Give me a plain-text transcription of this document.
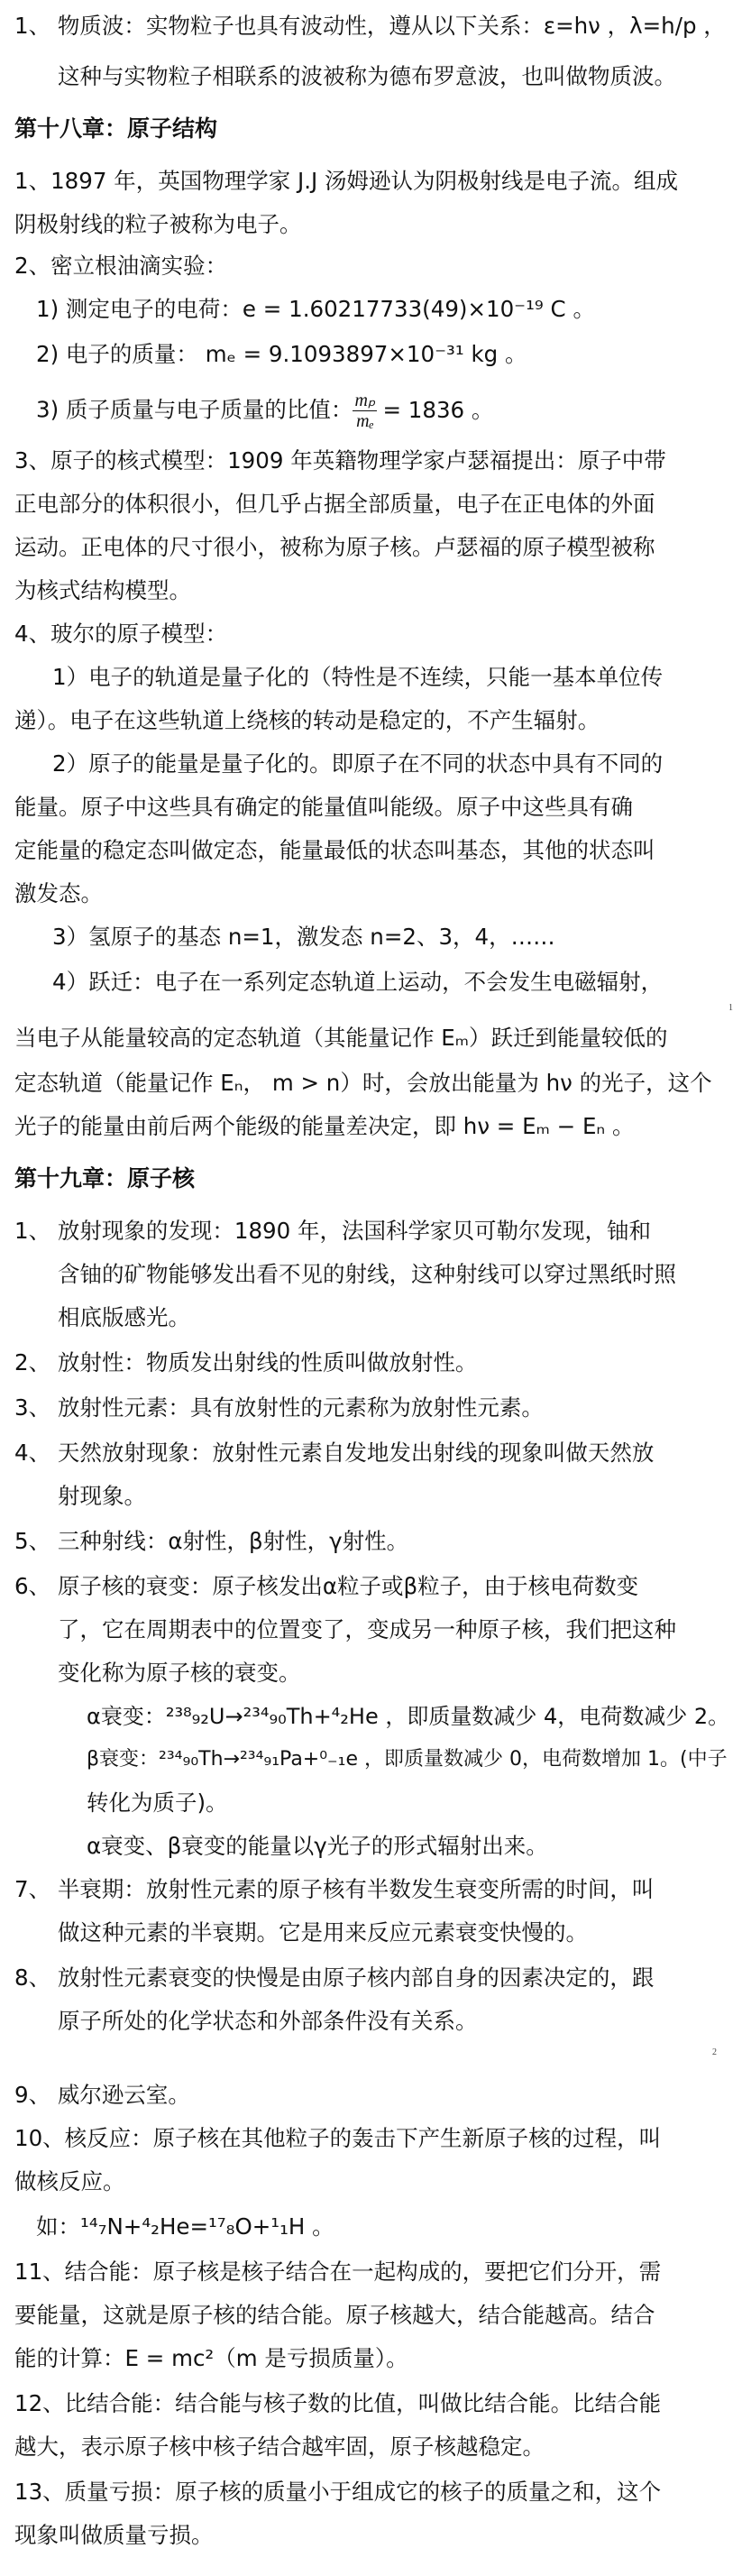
1、 物质波：实物粒子也具有波动性，遵从以下关系：ε=hν ，λ=h/p ，
这种与实物粒子相联系的波被称为德布罗意波，也叫做物质波。
第十八章：原子结构
1、1897 年，英国物理学家 J.J 汤姆逊认为阴极射线是电子流。组成
阴极射线的粒子被称为电子。
2、密立根油滴实验：
1) 测定电子的电荷：e = 1.60217733(49)×10⁻¹⁹ C 。
2) 电子的质量： mₑ = 9.1093897×10⁻³¹ kg 。
3) 质子质量与电子质量的比值： $\frac{\text{mₚ}}{\text{mₑ}} = 1836$ 。
3、原子的核式模型：1909 年英籍物理学家卢瑟福提出：原子中带
正电部分的体积很小，但几乎占据全部质量，电子在正电体的外面
运动。正电体的尺寸很小，被称为原子核。卢瑟福的原子模型被称
为核式结构模型。
4、玻尔的原子模型：
1）电子的轨道是量子化的（特性是不连续，只能一基本单位传
递）。电子在这些轨道上绕核的转动是稳定的，不产生辐射。
2）原子的能量是量子化的。即原子在不同的状态中具有不同的
能量。原子中这些具有确定的能量值叫能级。原子中这些具有确
定能量的稳定态叫做定态，能量最低的状态叫基态，其他的状态叫
激发态。
3）氢原子的基态 n=1，激发态 n=2、3，4，……
4）跃迁：电子在一系列定态轨道上运动，不会发生电磁辐射，
当电子从能量较高的定态轨道（其能量记作 Eₘ）跃迁到能量较低的
定态轨道（能量记作 Eₙ， m > n）时，会放出能量为 hν 的光子，这个
光子的能量由前后两个能级的能量差决定，即 hν = Eₘ − Eₙ 。
第十九章：原子核
1、 放射现象的发现：1890 年，法国科学家贝可勒尔发现，铀和
含铀的矿物能够发出看不见的射线，这种射线可以穿过黑纸时照
相底版感光。
2、 放射性：物质发出射线的性质叫做放射性。
3、 放射性元素：具有放射性的元素称为放射性元素。
4、 天然放射现象：放射性元素自发地发出射线的现象叫做天然放
射现象。
5、 三种射线：α射性，β射性，γ射性。
6、 原子核的衰变：原子核发出α粒子或β粒子，由于核电荷数变
了，它在周期表中的位置变了，变成另一种原子核，我们把这种
变化称为原子核的衰变。
α衰变：²³⁸₉₂U→²³⁴₉₀Th+⁴₂He ，即质量数减少 4，电荷数减少 2。
β衰变：²³⁴₉₀Th→²³⁴₉₁Pa+⁰₋₁e ，即质量数减少 0，电荷数增加 1。(中子
转化为质子)。
α衰变、β衰变的能量以γ光子的形式辐射出来。
7、 半衰期：放射性元素的原子核有半数发生衰变所需的时间，叫
做这种元素的半衰期。它是用来反应元素衰变快慢的。
8、 放射性元素衰变的快慢是由原子核内部自身的因素决定的，跟
原子所处的化学状态和外部条件没有关系。
9、 威尔逊云室。
10、核反应：原子核在其他粒子的轰击下产生新原子核的过程，叫
做核反应。
如：¹⁴₇N+⁴₂He=¹⁷₈O+¹₁H 。
11、结合能：原子核是核子结合在一起构成的，要把它们分开，需
要能量，这就是原子核的结合能。原子核越大，结合能越高。结合
能的计算：E = mc²（m 是亏损质量）。
12、比结合能：结合能与核子数的比值，叫做比结合能。比结合能
越大，表示原子核中核子结合越牢固，原子核越稳定。
13、质量亏损：原子核的质量小于组成它的核子的质量之和，这个
现象叫做质量亏损。
1
2
